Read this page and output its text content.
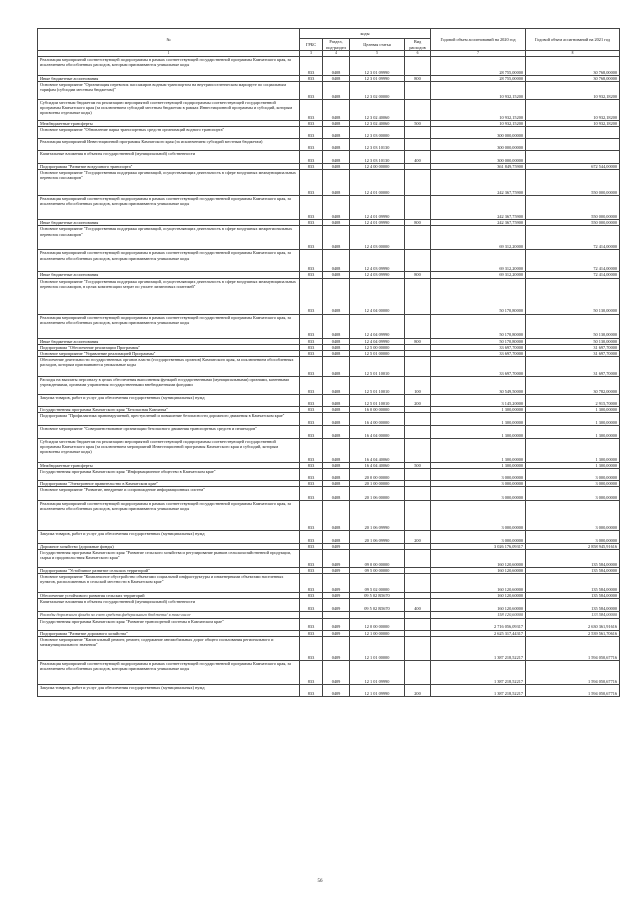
№	коды				Годовой объем ассигнований на 2020 год	Годовой объем ассигнований на 2021 год
	ГРБС	Раздел, под-раздел	Целевая статья	Вид расходов		
1	3	4	5	6	7	8
Реализация мероприятий соответствующей подпрограммы в рамках соответствующей государственной программы Камчатского края, за исключением обособленных расходов, которым присваиваются уникальные коды	833	0408	12 3 01 09990		28 755,00000	30 768,00000
Иные бюджетные ассигнования	833	0408	12 3 01 09990	800	28 755,00000	30 768,00000
Основное мероприятие "Организация перевозок пассажиров водным транспортом на внутрипоселенческом маршруте по социальным тарифам (субсидии местным бюджетам)"	833	0408	12 3 02 00000		10 932,15200	10 932,18200
Субсидии местным бюджетам на реализацию мероприятий соответствующей подпрограммы соответствующей государственной программы Камчатского края (за исключением субсидий местным бюджетам в рамках Инвестиционной программы и субсидий, которым присвоены отдельные коды)	833	0408	12 3 02 40060		10 932,15200	10 932,18200
Межбюджетные трансферты	833	0408	12 3 02 40060	500	10 932,15200	10 932,18200
Основное мероприятие "Обновление парка транспортных средств организаций водного транспорта"	833	0408	12 3 03 00000		300 000,00000	
Реализация мероприятий Инвестиционной программы Камчатского края (за исключением субсидий местным бюджетам)	833	0408	12 3 03 10130		300 000,00000	
Капитальные вложения в объекты государственной (муниципальной) собственности	833	0408	12 3 03 10130	400	300 000,00000	
Подпрограмма "Развитие воздушного транспорта"	833	0408	12 4 00 00000		361 849,75900	672 544,00000
Основное мероприятие "Государственная поддержка организаций, осуществляющих деятельность в сфере воздушных межмуниципальных перевозок пассажиров"	833	0408	12 4 01 00000		242 367,75900	550 000,00000
Реализация мероприятий соответствующей подпрограммы в рамках соответствующей государственной программы Камчатского края, за исключением обособленных расходов, которым присваиваются уникальные коды	833	0408	12 4 01 09990		242 367,75900	550 000,00000
Иные бюджетные ассигнования	833	0408	12 4 01 09990	800	242 367,75900	550 000,00000
Основное мероприятие "Государственная поддержка организаций, осуществляющих деятельность в сфере воздушных межрегиональных перевозок пассажиров"	833	0408	12 4 03 00000		69 312,20000	72 414,00000
Реализация мероприятий соответствующей подпрограммы в рамках соответствующей государственной программы Камчатского края, за исключением обособленных расходов, которым присваиваются уникальные коды	833	0408	12 4 03 09990		69 312,20000	72 414,00000
Иные бюджетные ассигнования	833	0408	12 4 03 09990	800	69 312,20000	72 414,00000
Основное мероприятие "Государственная поддержка организаций, осуществляющих деятельность в сфере воздушных межмуниципальных перевозок пассажиров, в целях компенсации затрат по уплате лизинговых платежей"	833	0408	12 4 04 00000		50 170,80000	50 130,00000
Реализация мероприятий соответствующей подпрограммы в рамках соответствующей государственной программы Камчатского края, за исключением обособленных расходов, которым присваиваются уникальные коды	833	0408	12 4 04 09990		50 170,80000	50 130,00000
Иные бюджетные ассигнования	833	0408	12 4 04 09990	800	50 170,80000	50 130,00000
Подпрограмма "Обеспечение реализации Программы"	833	0408	12 5 00 00000		33 697,70000	31 697,70000
Основное мероприятие "Управление реализацией Программы"	833	0408	12 5 01 00000		33 697,70000	31 697,70000
Обеспечение деятельности государственных органов власти (государственных органов) Камчатского края, за исключением обособленных расходов, которым присваиваются уникальные коды	833	0408	12 5 01 10010		33 697,70000	31 697,70000
Расходы на выплаты персоналу в целях обеспечения выполнения функций государственными (муниципальными) органами, казенными учреждениями, органами управления государственными внебюджетными фондами	833	0408	12 5 01 10010	100	30 549,50000	30 782,00000
Закупка товаров, работ и услуг для обеспечения государственных (муниципальных) нужд	833	0408	12 5 01 10010	200	3 145,20000	2 915,70000
Государственная программа Камчатского края "Безопасная Камчатка"	833	0408	16 0 00 00000		1 300,00000	1 300,00000
Подпрограмма "Профилактика правонарушений, преступлений и повышение безопасности дорожного движения в Камчатском крае"	833	0408	16 4 00 00000		1 300,00000	1 300,00000
Основное мероприятие "Совершенствование организации безопасного движения транспортных средств и пешеходов"	833	0408	16 4 04 00000		1 300,00000	1 300,00000
Субсидии местным бюджетам на реализацию мероприятий соответствующей подпрограммы соответствующей государственной программы Камчатского края (за исключением мероприятий Инвестиционной программы Камчатского края и субсидий, которым присвоены отдельные коды)	833	0408	16 4 04 40060		1 300,00000	1 300,00000
Межбюджетные трансферты	833	0408	16 4 04 40060	500	1 300,00000	1 300,00000
Государственная программа Камчатского края "Информационное общество в Камчатском крае"	833	0408	20 0 00 00000		3 000,00000	3 000,00000
Подпрограмма "Электронное правительство в Камчатском крае"	833	0408	20 1 00 00000		3 000,00000	3 000,00000
Основное мероприятие "Развитие, внедрение и сопровождение информационных систем"	833	0408	20 1 06 00000		3 000,00000	3 000,00000
Реализация мероприятий соответствующей подпрограммы в рамках соответствующей государственной программы Камчатского края, за исключением обособленных расходов, которым присваиваются уникальные коды	833	0408	20 1 06 09990		3 000,00000	3 000,00000
Закупка товаров, работ и услуг для обеспечения государственных (муниципальных) нужд	833	0408	20 1 06 09990	200	3 000,00000	3 000,00000
Дорожное хозяйство (дорожные фонды)	833	0409			3 026 176,09317	2 858 945,91616
Государственная программа Камчатского края "Развитие сельского хозяйства и регулирование рынков сельскохозяйственной продукции, сырья и продовольствия Камчатского края"	833	0409	09 0 00 00000		160 120,60000	135 584,00000
Подпрограмма "Устойчивое развитие сельских территорий"	833	0409	09 5 00 00000		160 120,60000	135 584,00000
Основное мероприятие "Комплексное обустройство объектами социальной инфраструктуры и инженерными объектами населенных пунктов, расположенных в сельской местности в Камчатском крае"	833	0409	09 5 02 00000		160 120,60000	135 584,00000
Обеспечение устойчивого развития сельских территорий	833	0409	09 5 02 R5670		160 120,60000	135 584,00000
Капитальные вложения в объекты государственной (муниципальной) собственности	833	0409	09 5 02 R5670	400	160 120,60000	135 584,00000
Расходы дорожного фонда за счет средств федерального бюджета/ в том числе					158 120,60000	133 584,00000
Государственная программа Камчатского края "Развитие транспортной системы в Камчатском крае"	833	0409	12 0 00 00000		2 716 056,09317	2 630 361,91616
Подпрограмма "Развитие дорожного хозяйства"	833	0409	12 1 00 00000		2 625 317,44317	2 539 561,70616
Основное мероприятие "Капитальный ремонт, ремонт, содержание автомобильных дорог общего пользования регионального и межмуниципального значения"	833	0409	12 1 01 00000		1 387 218,52217	1 594 050,67716
Реализация мероприятий соответствующей подпрограммы в рамках соответствующей государственной программы Камчатского края, за исключением обособленных расходов, которым присваиваются уникальные коды	833	0409	12 1 01 09990		1 387 218,52217	1 594 050,67716
Закупка товаров, работ и услуг для обеспечения государственных (муниципальных) нужд	833	0409	12 1 01 09990	200	1 387 218,52217	1 594 050,67716
56
